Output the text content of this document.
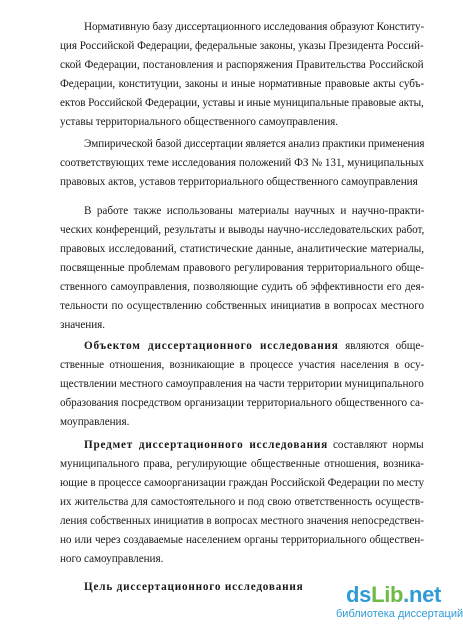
Нормативную базу диссертационного исследования образуют Конститу-
ция Российской Федерации, федеральные законы, указы Президента Россий-
ской Федерации, постановления и распоряжения Правительства Российской
Федерации, конституции, законы и иные нормативные правовые акты субъ-
ектов Российской Федерации, уставы и иные муниципальные правовые акты,
уставы территориального общественного самоуправления.
Эмпирической базой диссертации является анализ практики применения
соответствующих теме исследования положений ФЗ № 131, муниципальных
правовых актов, уставов территориального общественного самоуправления
В работе также использованы материалы научных и научно-практи-
ческих конференций, результаты и выводы научно-исследовательских работ,
правовых исследований, статистические данные, аналитические материалы,
посвященные проблемам правового регулирования территориального обще-
ственного самоуправления, позволяющие судить об эффективности его дея-
тельности по осуществлению собственных инициатив в вопросах местного
значения.
Объектом диссертационного исследования являются обще-
ственные отношения, возникающие в процессе участия населения в осу-
ществлении местного самоуправления на части территории муниципального
образования посредством организации территориального общественного са-
моуправления.
Предмет диссертационного исследования составляют нормы
муниципального права, регулирующие общественные отношения, возника-
ющие в процессе самоорганизации граждан Российской Федерации по месту
их жительства для самостоятельного и под свою ответственность осуществ-
ления собственных инициатив в вопросах местного значения непосредствен-
но или через создаваемые населением органы территориального обществен-
ного самоуправления.
Цель диссертационного исследования dsLib.net
библиотека диссертаций
